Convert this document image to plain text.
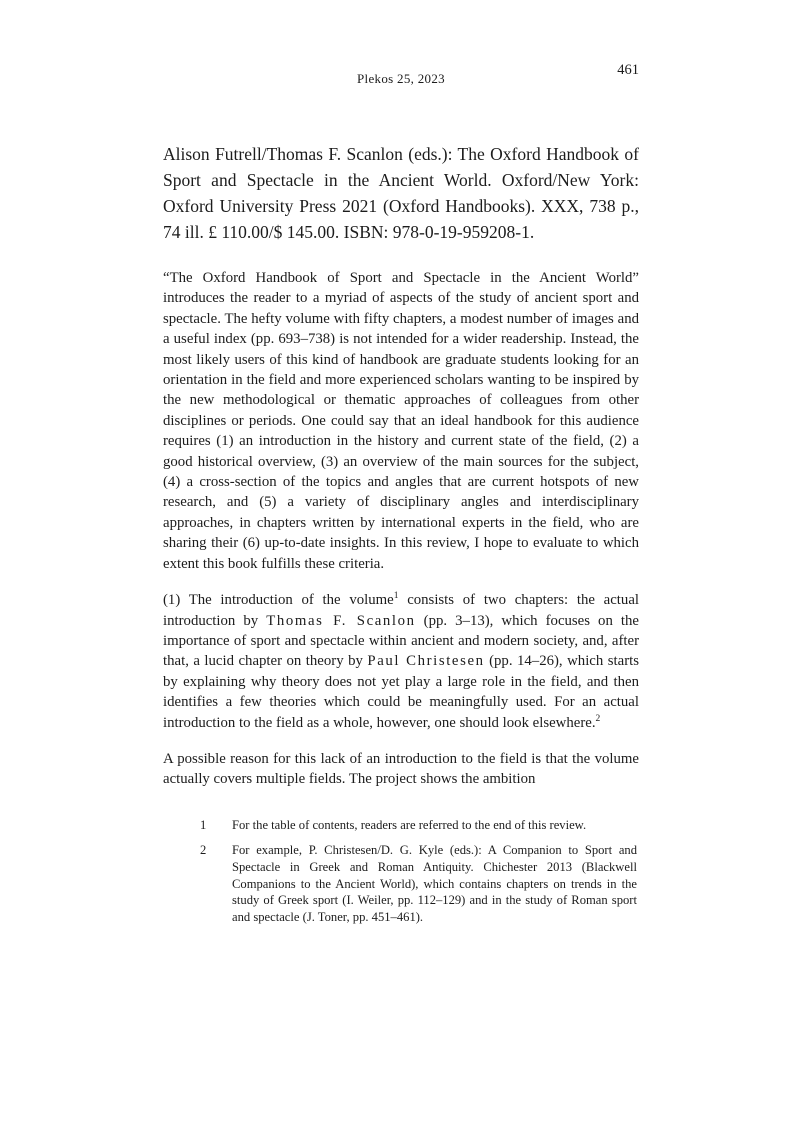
Plekos 25, 2023
461

Alison Futrell/Thomas F. Scanlon (eds.): The Oxford Handbook of Sport and Spectacle in the Ancient World. Oxford/New York: Oxford University Press 2021 (Oxford Handbooks). XXX, 738 p., 74 ill. £ 110.00/$ 145.00. ISBN: 978-0-19-959208-1.

“The Oxford Handbook of Sport and Spectacle in the Ancient World” introduces the reader to a myriad of aspects of the study of ancient sport and spectacle. The hefty volume with fifty chapters, a modest number of images and a useful index (pp. 693–738) is not intended for a wider readership. Instead, the most likely users of this kind of handbook are graduate students looking for an orientation in the field and more experienced scholars wanting to be inspired by the new methodological or thematic approaches of colleagues from other disciplines or periods. One could say that an ideal handbook for this audience requires (1) an introduction in the history and current state of the field, (2) a good historical overview, (3) an overview of the main sources for the subject, (4) a cross-section of the topics and angles that are current hotspots of new research, and (5) a variety of disciplinary angles and interdisciplinary approaches, in chapters written by international experts in the field, who are sharing their (6) up-to-date insights. In this review, I hope to evaluate to which extent this book fulfills these criteria.

(1) The introduction of the volume$^1$ consists of two chapters: the actual introduction by Thomas F. Scanlon (pp. 3–13), which focuses on the importance of sport and spectacle within ancient and modern society, and, after that, a lucid chapter on theory by Paul Christesen (pp. 14–26), which starts by explaining why theory does not yet play a large role in the field, and then identifies a few theories which could be meaningfully used. For an actual introduction to the field as a whole, however, one should look elsewhere.$^2$

A possible reason for this lack of an introduction to the field is that the volume actually covers multiple fields. The project shows the ambition

1	For the table of contents, readers are referred to the end of this review.
2	For example, P. Christesen/D. G. Kyle (eds.): A Companion to Sport and Spectacle in Greek and Roman Antiquity. Chichester 2013 (Blackwell Companions to the Ancient World), which contains chapters on trends in the study of Greek sport (I. Weiler, pp. 112–129) and in the study of Roman sport and spectacle (J. Toner, pp. 451–461).
